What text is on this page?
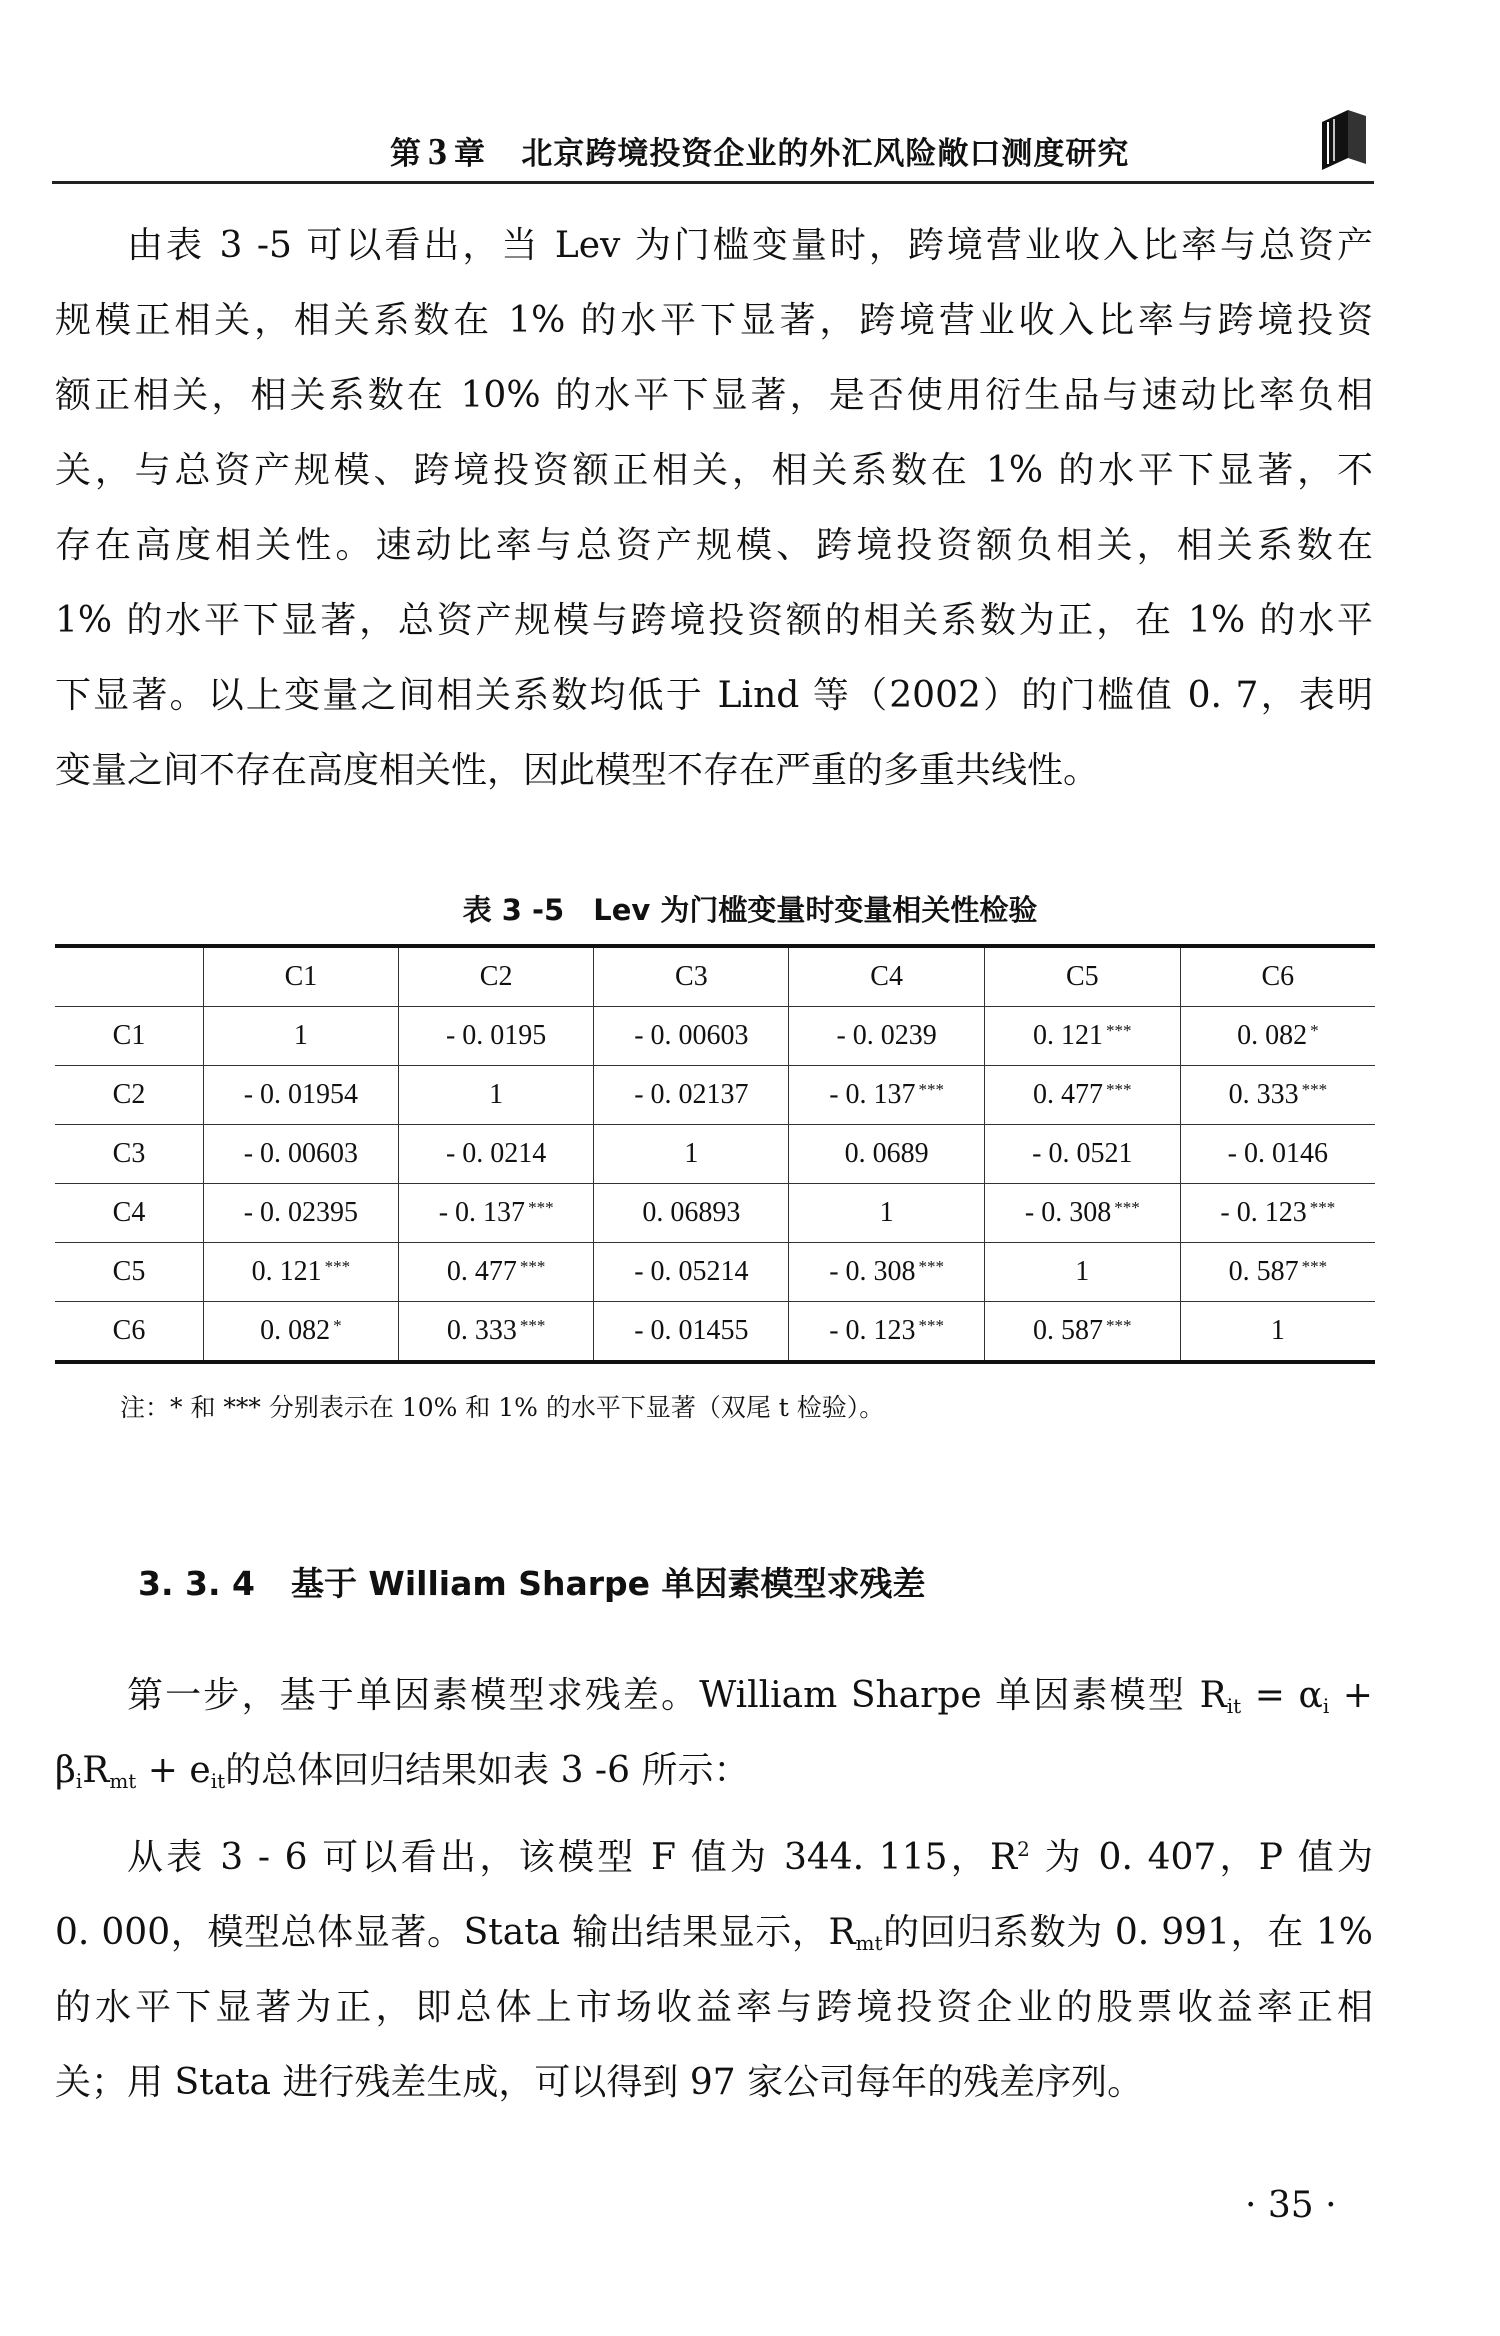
第 3 章 北京跨境投资企业的外汇风险敞口测度研究
由表 3 -5 可以看出，当 Lev 为门槛变量时，跨境营业收入比率与总资产
规模正相关，相关系数在 1% 的水平下显著，跨境营业收入比率与跨境投资
额正相关，相关系数在 10% 的水平下显著，是否使用衍生品与速动比率负相
关，与总资产规模、跨境投资额正相关，相关系数在 1% 的水平下显著，不
存在高度相关性。速动比率与总资产规模、跨境投资额负相关，相关系数在
1% 的水平下显著，总资产规模与跨境投资额的相关系数为正，在 1% 的水平
下显著。以上变量之间相关系数均低于 Lind 等（2002）的门槛值 0. 7，表明
变量之间不存在高度相关性，因此模型不存在严重的多重共线性。
表 3 -5　Lev 为门槛变量时变量相关性检验
	C1	C2	C3	C4	C5	C6
C1	1	- 0. 0195	- 0. 00603	- 0. 0239	0. 121 ***	0. 082 *
C2	- 0. 01954	1	- 0. 02137	- 0. 137 ***	0. 477 ***	0. 333 ***
C3	- 0. 00603	- 0. 0214	1	0. 0689	- 0. 0521	- 0. 0146
C4	- 0. 02395	- 0. 137 ***	0. 06893	1	- 0. 308 ***	- 0. 123 ***
C5	0. 121 ***	0. 477 ***	- 0. 05214	- 0. 308 ***	1	0. 587 ***
C6	0. 082 *	0. 333 ***	- 0. 01455	- 0. 123 ***	0. 587 ***	1
注：* 和 *** 分别表示在 10% 和 1% 的水平下显著（双尾 t 检验）。
3. 3. 4 基于 William Sharpe 单因素模型求残差
第一步，基于单因素模型求残差。William Sharpe 单因素模型 $R_{it} = \alpha_i$ +
$\beta_iR_{mt} + e_{it}$的总体回归结果如表 3 -6 所示：
从表 3 - 6 可以看出，该模型 F 值为 344. 115，$R^2$ 为 0. 407，P 值为
0. 000，模型总体显著。Stata 输出结果显示，$R_{mt}$的回归系数为 0. 991，在 1%
的水平下显著为正，即总体上市场收益率与跨境投资企业的股票收益率正相
关；用 Stata 进行残差生成，可以得到 97 家公司每年的残差序列。
· 35 ·
